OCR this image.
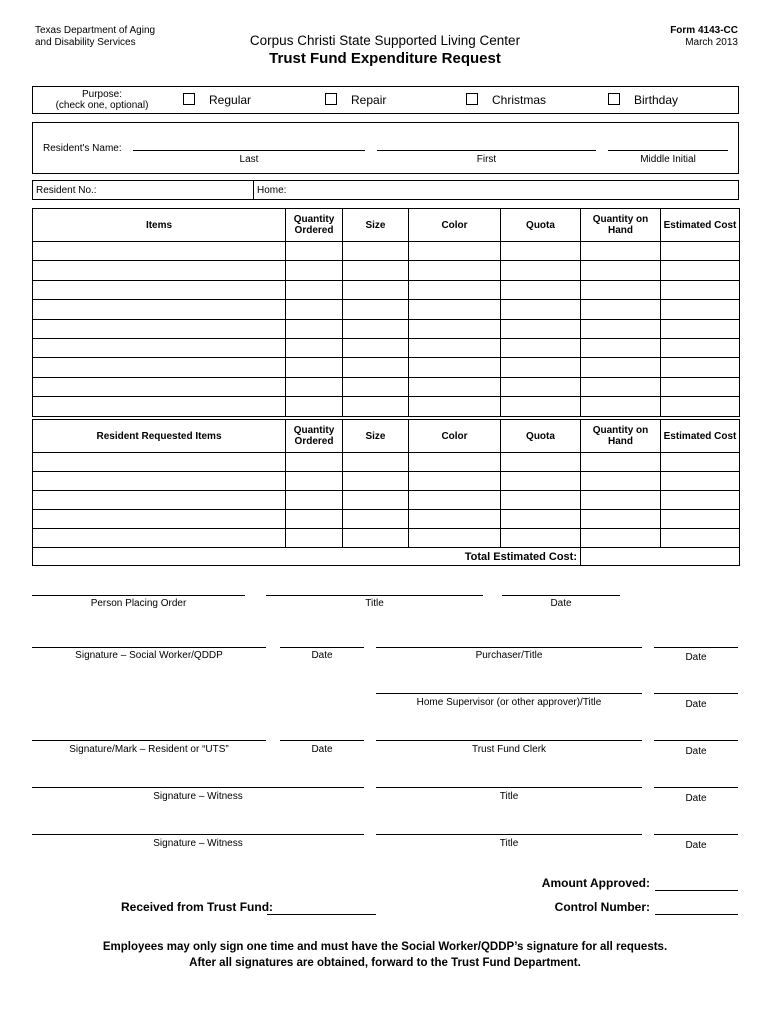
Texas Department of Aging
and Disability Services	Corpus Christi State Supported Living Center
Trust Fund Expenditure Request
Form 4143-CC
March 2013
Purpose:
(check one, optional)	Regular	Repair	Christmas	Birthday
Resident's Name:
Last	First	Middle Initial
Resident No.:	Home:
Items	Quantity Ordered	Size	Color	Quota	Quantity on Hand	Estimated Cost

Resident Requested Items	Quantity Ordered	Size	Color	Quota	Quantity on Hand	Estimated Cost

Total Estimated Cost:						
Person Placing Order	Title	Date
Signature – Social Worker/QDDP	Date	Purchaser/Title	Date
Home Supervisor (or other approver)/Title	Date
Signature/Mark – Resident or “UTS”	Date	Trust Fund Clerk	Date
Signature – Witness	Title	Date
Signature – Witness	Title	Date
Amount Approved:
Received from Trust Fund:	Control Number:
Employees may only sign one time and must have the Social Worker/QDDP’s signature for all requests.
After all signatures are obtained, forward to the Trust Fund Department.
